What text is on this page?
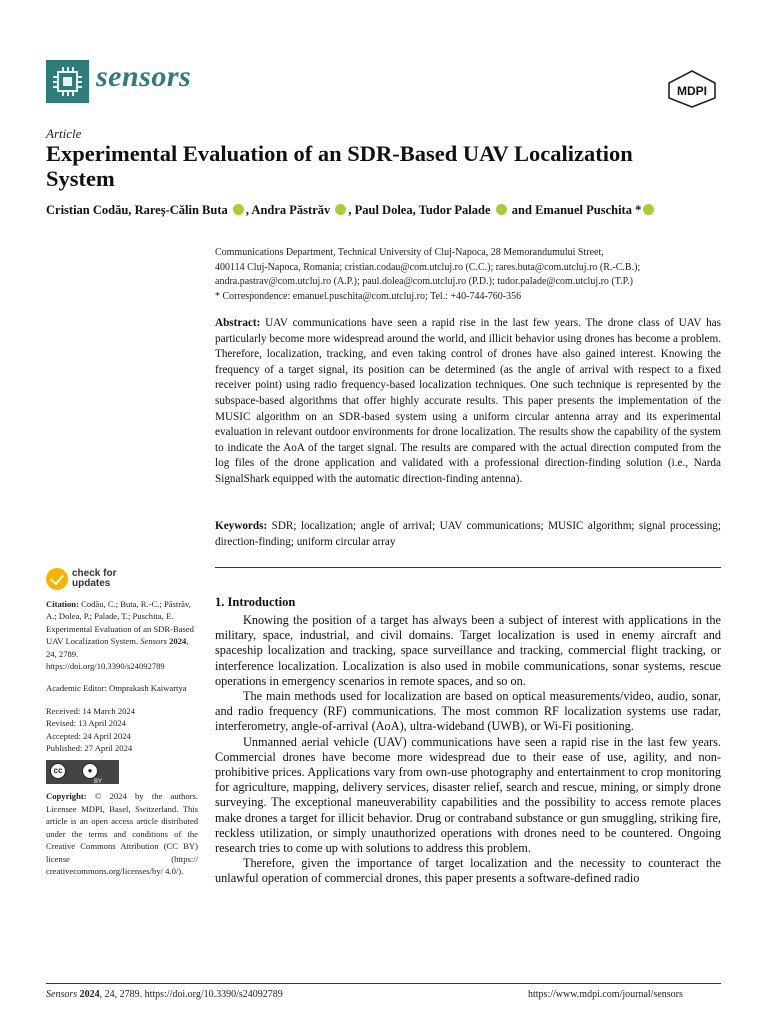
sensors	MDPI
Article
Experimental Evaluation of an SDR-Based UAV Localization System
Cristian Codău, Rareș-Călin Buta , Andra Păstrăv , Paul Dolea, Tudor Palade  and Emanuel Puschita *
Communications Department, Technical University of Cluj-Napoca, 28 Memorandumului Street,
400114 Cluj-Napoca, Romania; cristian.codau@com.utcluj.ro (C.C.); rares.buta@com.utcluj.ro (R.-C.B.);
andra.pastrav@com.utcluj.ro (A.P.); paul.dolea@com.utcluj.ro (P.D.); tudor.palade@com.utcluj.ro (T.P.)
* Correspondence: emanuel.puschita@com.utcluj.ro; Tel.: +40-744-760-356
Abstract: UAV communications have seen a rapid rise in the last few years. The drone class of UAV has particularly become more widespread around the world, and illicit behavior using drones has become a problem. Therefore, localization, tracking, and even taking control of drones have also gained interest. Knowing the frequency of a target signal, its position can be determined (as the angle of arrival with respect to a fixed receiver point) using radio frequency-based localization techniques. One such technique is represented by the subspace-based algorithms that offer highly accurate results. This paper presents the implementation of the MUSIC algorithm on an SDR-based system using a uniform circular antenna array and its experimental evaluation in relevant outdoor environments for drone localization. The results show the capability of the system to indicate the AoA of the target signal. The results are compared with the actual direction computed from the log files of the drone application and validated with a professional direction-finding solution (i.e., Narda SignalShark equipped with the automatic direction-finding antenna).
Keywords: SDR; localization; angle of arrival; UAV communications; MUSIC algorithm; signal processing; direction-finding; uniform circular array
check for
updates

Citation: Codău, C.; Buta, R.-C.; Păstrăv, A.; Dolea, P.; Palade, T.; Puschita, E. Experimental Evaluation of an SDR-Based UAV Localization System. Sensors 2024, 24, 2789. https://doi.org/10.3390/s24092789

Academic Editor: Omprakash Kaiwartya

Received: 14 March 2024

Revised: 13 April 2024

Accepted: 24 April 2024

Published: 27 April 2024

cc	●
BY

Copyright: © 2024 by the authors. Licensee MDPI, Basel, Switzerland. This article is an open access article distributed under the terms and conditions of the Creative Commons Attribution (CC BY) license (https:// creativecommons.org/licenses/by/ 4.0/).

1. Introduction

Knowing the position of a target has always been a subject of interest with applications in the military, space, industrial, and civil domains. Target localization is used in enemy aircraft and spaceship localization and tracking, space surveillance and tracking, commercial flight tracking, or interference localization. Localization is also used in mobile communications, sonar systems, rescue operations in emergency scenarios in remote spaces, and so on.

The main methods used for localization are based on optical measurements/video, audio, sonar, and radio frequency (RF) communications. The most common RF localization systems use radar, interferometry, angle-of-arrival (AoA), ultra-wideband (UWB), or Wi-Fi positioning.

Unmanned aerial vehicle (UAV) communications have seen a rapid rise in the last few years. Commercial drones have become more widespread due to their ease of use, agility, and non-prohibitive prices. Applications vary from own-use photography and entertainment to crop monitoring for agriculture, mapping, delivery services, disaster relief, search and rescue, mining, or simply drone surveying. The exceptional maneuverability capabilities and the possibility to access remote places make drones a target for illicit behavior. Drug or contraband substance or gun smuggling, striking fire, reckless utilization, or simply unauthorized operations with drones need to be countered. Ongoing research tries to come up with solutions to address this problem.

Therefore, given the importance of target localization and the necessity to counteract the unlawful operation of commercial drones, this paper presents a software-defined radio

Sensors 2024, 24, 2789. https://doi.org/10.3390/s24092789	https://www.mdpi.com/journal/sensors
